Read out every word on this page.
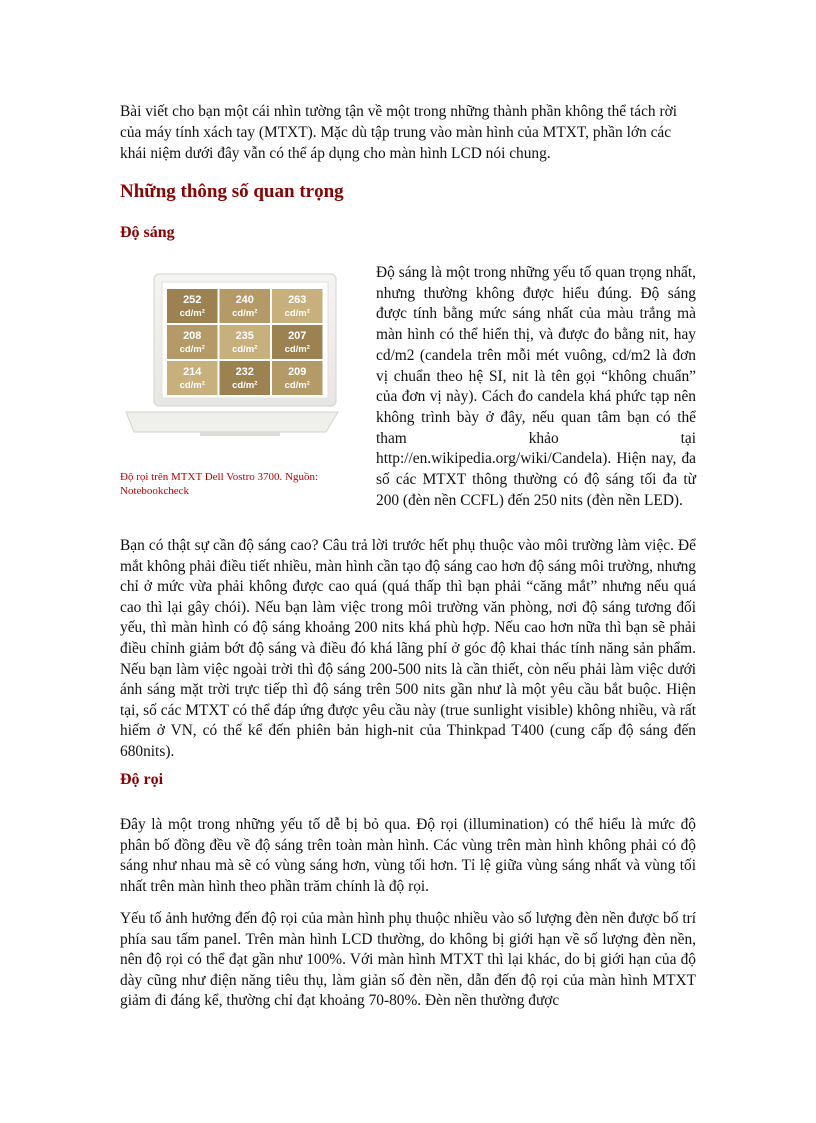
Bài viết cho bạn một cái nhìn tường tận về một trong những thành phần không thể tách rời của máy tính xách tay (MTXT). Mặc dù tập trung vào màn hình của MTXT, phần lớn các khái niệm dưới đây vẫn có thể áp dụng cho màn hình LCD nói chung.

Những thông số quan trọng
Độ sáng
252
cd/m²
240
cd/m²
263
cd/m²
208
cd/m²
235
cd/m²
207
cd/m²
214
cd/m²
232
cd/m²
209
cd/m²
Độ rọi trên MTXT Dell Vostro 3700. Nguồn: Notebookcheck

Độ sáng là một trong những yếu tố quan trọng nhất, nhưng thường không được hiểu đúng. Độ sáng được tính bằng mức sáng nhất của màu trắng mà màn hình có thể hiển thị, và được đo bằng nit, hay cd/m2 (candela trên mỗi mét vuông, cd/m2 là đơn vị chuẩn theo hệ SI, nit là tên gọi “không chuẩn” của đơn vị này). Cách đo candela khá phức tạp nên không trình bày ở đây, nếu quan tâm bạn có thể tham khảo tại http://en.wikipedia.org/wiki/Candela). Hiện nay, đa số các MTXT thông thường có độ sáng tối đa từ 200 (đèn nền CCFL) đến 250 nits (đèn nền LED).

Bạn có thật sự cần độ sáng cao? Câu trả lời trước hết phụ thuộc vào môi trường làm việc. Để mắt không phải điều tiết nhiều, màn hình cần tạo độ sáng cao hơn độ sáng môi trường, nhưng chỉ ở mức vừa phải không được cao quá (quá thấp thì bạn phải “căng mắt” nhưng nếu quá cao thì lại gây chói). Nếu bạn làm việc trong môi trường văn phòng, nơi độ sáng tương đối yếu, thì màn hình có độ sáng khoảng 200 nits khá phù hợp. Nếu cao hơn nữa thì bạn sẽ phải điều chỉnh giảm bớt độ sáng và điều đó khá lãng phí ở góc độ khai thác tính năng sản phẩm. Nếu bạn làm việc ngoài trời thì độ sáng 200-500 nits là cần thiết, còn nếu phải làm việc dưới ánh sáng mặt trời trực tiếp thì độ sáng trên 500 nits gần như là một yêu cầu bắt buộc. Hiện tại, số các MTXT có thể đáp ứng được yêu cầu này (true sunlight visible) không nhiều, và rất hiếm ở VN, có thể kể đến phiên bản high-nit của Thinkpad T400 (cung cấp độ sáng đến 680nits).

Độ rọi

Đây là một trong những yếu tố dễ bị bỏ qua. Độ rọi (illumination) có thể hiểu là mức độ phân bố đồng đều về độ sáng trên toàn màn hình. Các vùng trên màn hình không phải có độ sáng như nhau mà sẽ có vùng sáng hơn, vùng tối hơn. Tỉ lệ giữa vùng sáng nhất và vùng tối nhất trên màn hình theo phần trăm chính là độ rọi.

Yếu tố ảnh hưởng đến độ rọi của màn hình phụ thuộc nhiều vào số lượng đèn nền được bố trí phía sau tấm panel. Trên màn hình LCD thường, do không bị giới hạn về số lượng đèn nền, nên độ rọi có thể đạt gần như 100%. Với màn hình MTXT thì lại khác, do bị giới hạn của độ dày cũng như điện năng tiêu thụ, làm giản số đèn nền, dẫn đến độ rọi của màn hình MTXT giảm đi đáng kể, thường chỉ đạt khoảng 70-80%. Đèn nền thường được
